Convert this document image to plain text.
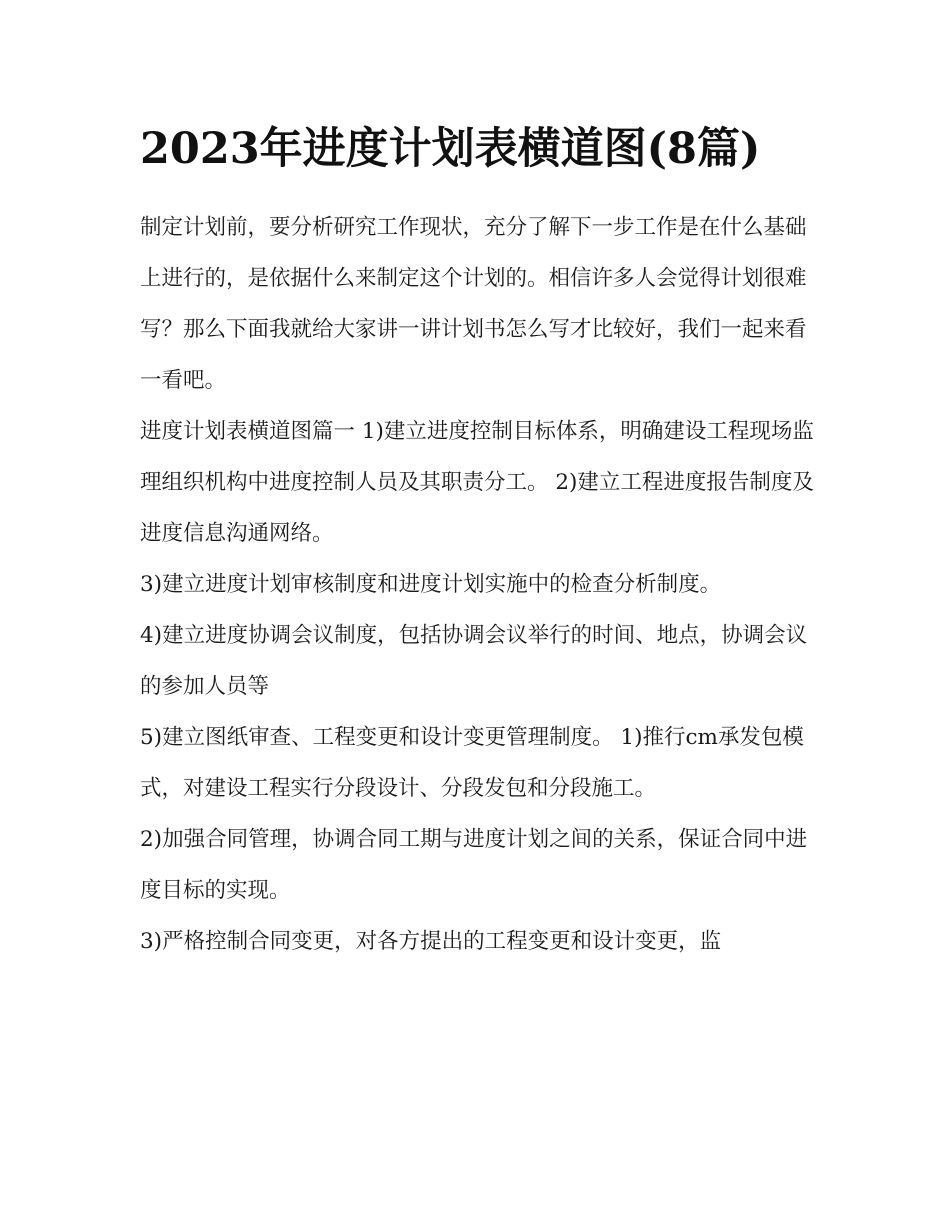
2023年进度计划表横道图(8篇)

制定计划前，要分析研究工作现状，充分了解下一步工作是在什么基础上进行的，是依据什么来制定这个计划的。相信许多人会觉得计划很难写？那么下面我就给大家讲一讲计划书怎么写才比较好，我们一起来看一看吧。

进度计划表横道图篇一 1)建立进度控制目标体系，明确建设工程现场监理组织机构中进度控制人员及其职责分工。 2)建立工程进度报告制度及进度信息沟通网络。

3)建立进度计划审核制度和进度计划实施中的检查分析制度。

4)建立进度协调会议制度，包括协调会议举行的时间、地点，协调会议的参加人员等

5)建立图纸审查、工程变更和设计变更管理制度。 1)推行cm承发包模式，对建设工程实行分段设计、分段发包和分段施工。

2)加强合同管理，协调合同工期与进度计划之间的关系，保证合同中进度目标的实现。

3)严格控制合同变更，对各方提出的工程变更和设计变更，监
